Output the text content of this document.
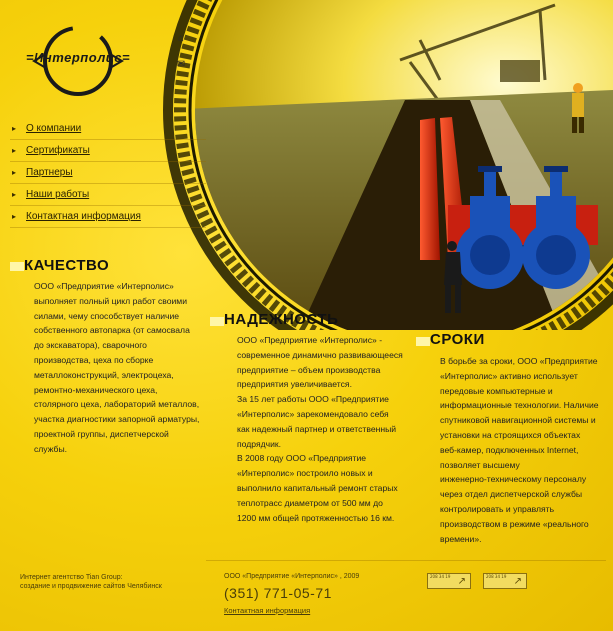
=Интерполис=
⌂
✉
▸ О компании
▸ Сертификаты
▸ Партнеры
▸ Наши работы
▸ Контактная информация
КАЧЕСТВО

ООО «Предприятие «Интерполис»

выполняет полный цикл работ своими

силами, чему способствует наличие

собственного автопарка (от самосвала

до экскаватора), сварочного

производства, цеха по сборке

металлоконструкций, электроцеха,

ремонтно-механического цеха,

столярного цеха, лабораторий металлов,

участка диагностики запорной арматуры,

проектной группы, диспетчерской

службы.

НАДЕЖНОСТЬ

ООО «Предприятие «Интерполис» -

современное динамично развивающееся

предприятие – объем производства

предприятия увеличивается.

За 15 лет работы ООО «Предприятие

«Интерполис» зарекомендовало себя

как надежный партнер и ответственный

подрядчик.

В 2008 году ООО «Предприятие

«Интерполис» построило новых и

выполнило капитальный ремонт старых

теплотрасс диаметром от 500 мм до

1200 мм общей протяженностью 16 км.

СРОКИ

В борьбе за сроки, ООО «Предприятие

«Интерполис» активно использует

передовые компьютерные и

информационные технологии. Наличие

спутниковой навигационной системы и

установки на строящихся объектах

веб-камер, подключенных Internet,

позволяет высшему

инженерно-техническому персоналу

через отдел диспетчерской службы

контролировать и управлять

производством в режиме «реального

времени».

Интернет агентство Tian Group:
создание и продвижение сайтов Челябинск
ООО «Предприятие «Интерполис» , 2009
(351) 771-05-71
Контактная информация
208 34 19 ↗	208 34 19 ↗
